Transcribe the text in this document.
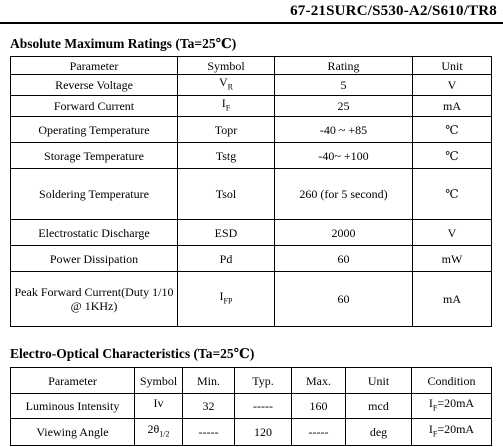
67-21SURC/S530-A2/S610/TR8
Absolute Maximum Ratings (Ta=25℃)
Parameter	Symbol	Rating	Unit
Reverse Voltage	$V_R$	5	V
Forward Current	$I_F$	25	mA
Operating Temperature	Topr	-40 ~ +85	℃
Storage Temperature	Tstg	-40~ +100	℃
Soldering Temperature	Tsol	260 (for 5 second)	℃
Electrostatic Discharge	ESD	2000	V
Power Dissipation	Pd	60	mW
Peak Forward Current(Duty 1/10 @ 1KHz)	$I_{FP}$	60	mA
Electro-Optical Characteristics (Ta=25℃)
Parameter	Symbol	Min.	Typ.	Max.	Unit	Condition
Luminous Intensity	Iv	32	-----	160	mcd	$I_F=20mA$
Viewing Angle	$2\theta_{1/2}$	-----	120	-----	deg	$I_F=20mA$
